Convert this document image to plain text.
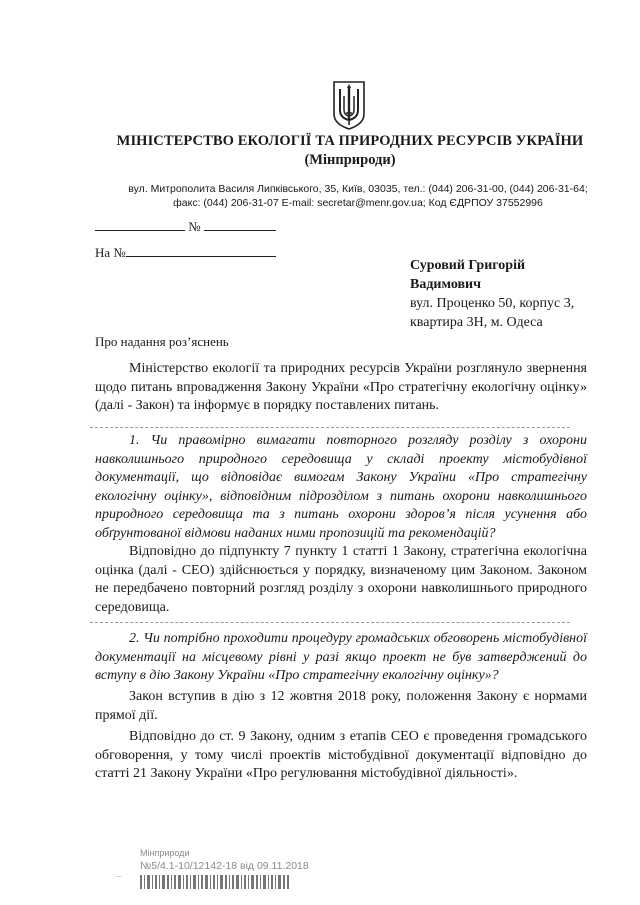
МІНІСТЕРСТВО ЕКОЛОГІЇ ТА ПРИРОДНИХ РЕСУРСІВ УКРАЇНИ
(Мінприроди)
вул. Митрополита Василя Липківського, 35, Київ, 03035, тел.: (044) 206-31-00, (044) 206-31-64;
факс: (044) 206-31-07 E-mail: secretar@menr.gov.ua; Код ЄДРПОУ 37552996
№
На №
Суровий Григорій
Вадимович
вул. Проценко 50, корпус 3,
квартира 3Н, м. Одеса
Про надання роз’яснень
Міністерство екології та природних ресурсів України розглянуло звернення щодо питань впровадження Закону України «Про стратегічну екологічну оцінку» (далі - Закон) та інформує в порядку поставлених питань.
1. Чи правомірно вимагати повторного розгляду розділу з охорони навколишнього природного середовища у складі проекту містобудівної документації, що відповідає вимогам Закону України «Про стратегічну екологічну оцінку», відповідним підрозділом з питань охорони навколишнього природного середовища та з питань охорони здоров’я після усунення або обґрунтованої відмови наданих ними пропозицій та рекомендацій?
Відповідно до підпункту 7 пункту 1 статті 1 Закону, стратегічна екологічна оцінка (далі - СЕО) здійснюється у порядку, визначеному цим Законом. Законом не передбачено повторний розгляд розділу з охорони навколишнього природного середовища.
2. Чи потрібно проходити процедуру громадських обговорень містобудівної документації на місцевому рівні у разі якщо проект не був затверджений до вступу в дію Закону України «Про стратегічну екологічну оцінку»?
Закон вступив в дію з 12 жовтня 2018 року, положення Закону є нормами прямої дії.
Відповідно до ст. 9 Закону, одним з етапів СЕО є проведення громадського обговорення, у тому числі проектів містобудівної документації відповідно до статті 21 Закону України «Про регулювання містобудівної діяльності».
⁞
Мінприроди
№5/4.1-10/12142-18 від 09.11.2018
